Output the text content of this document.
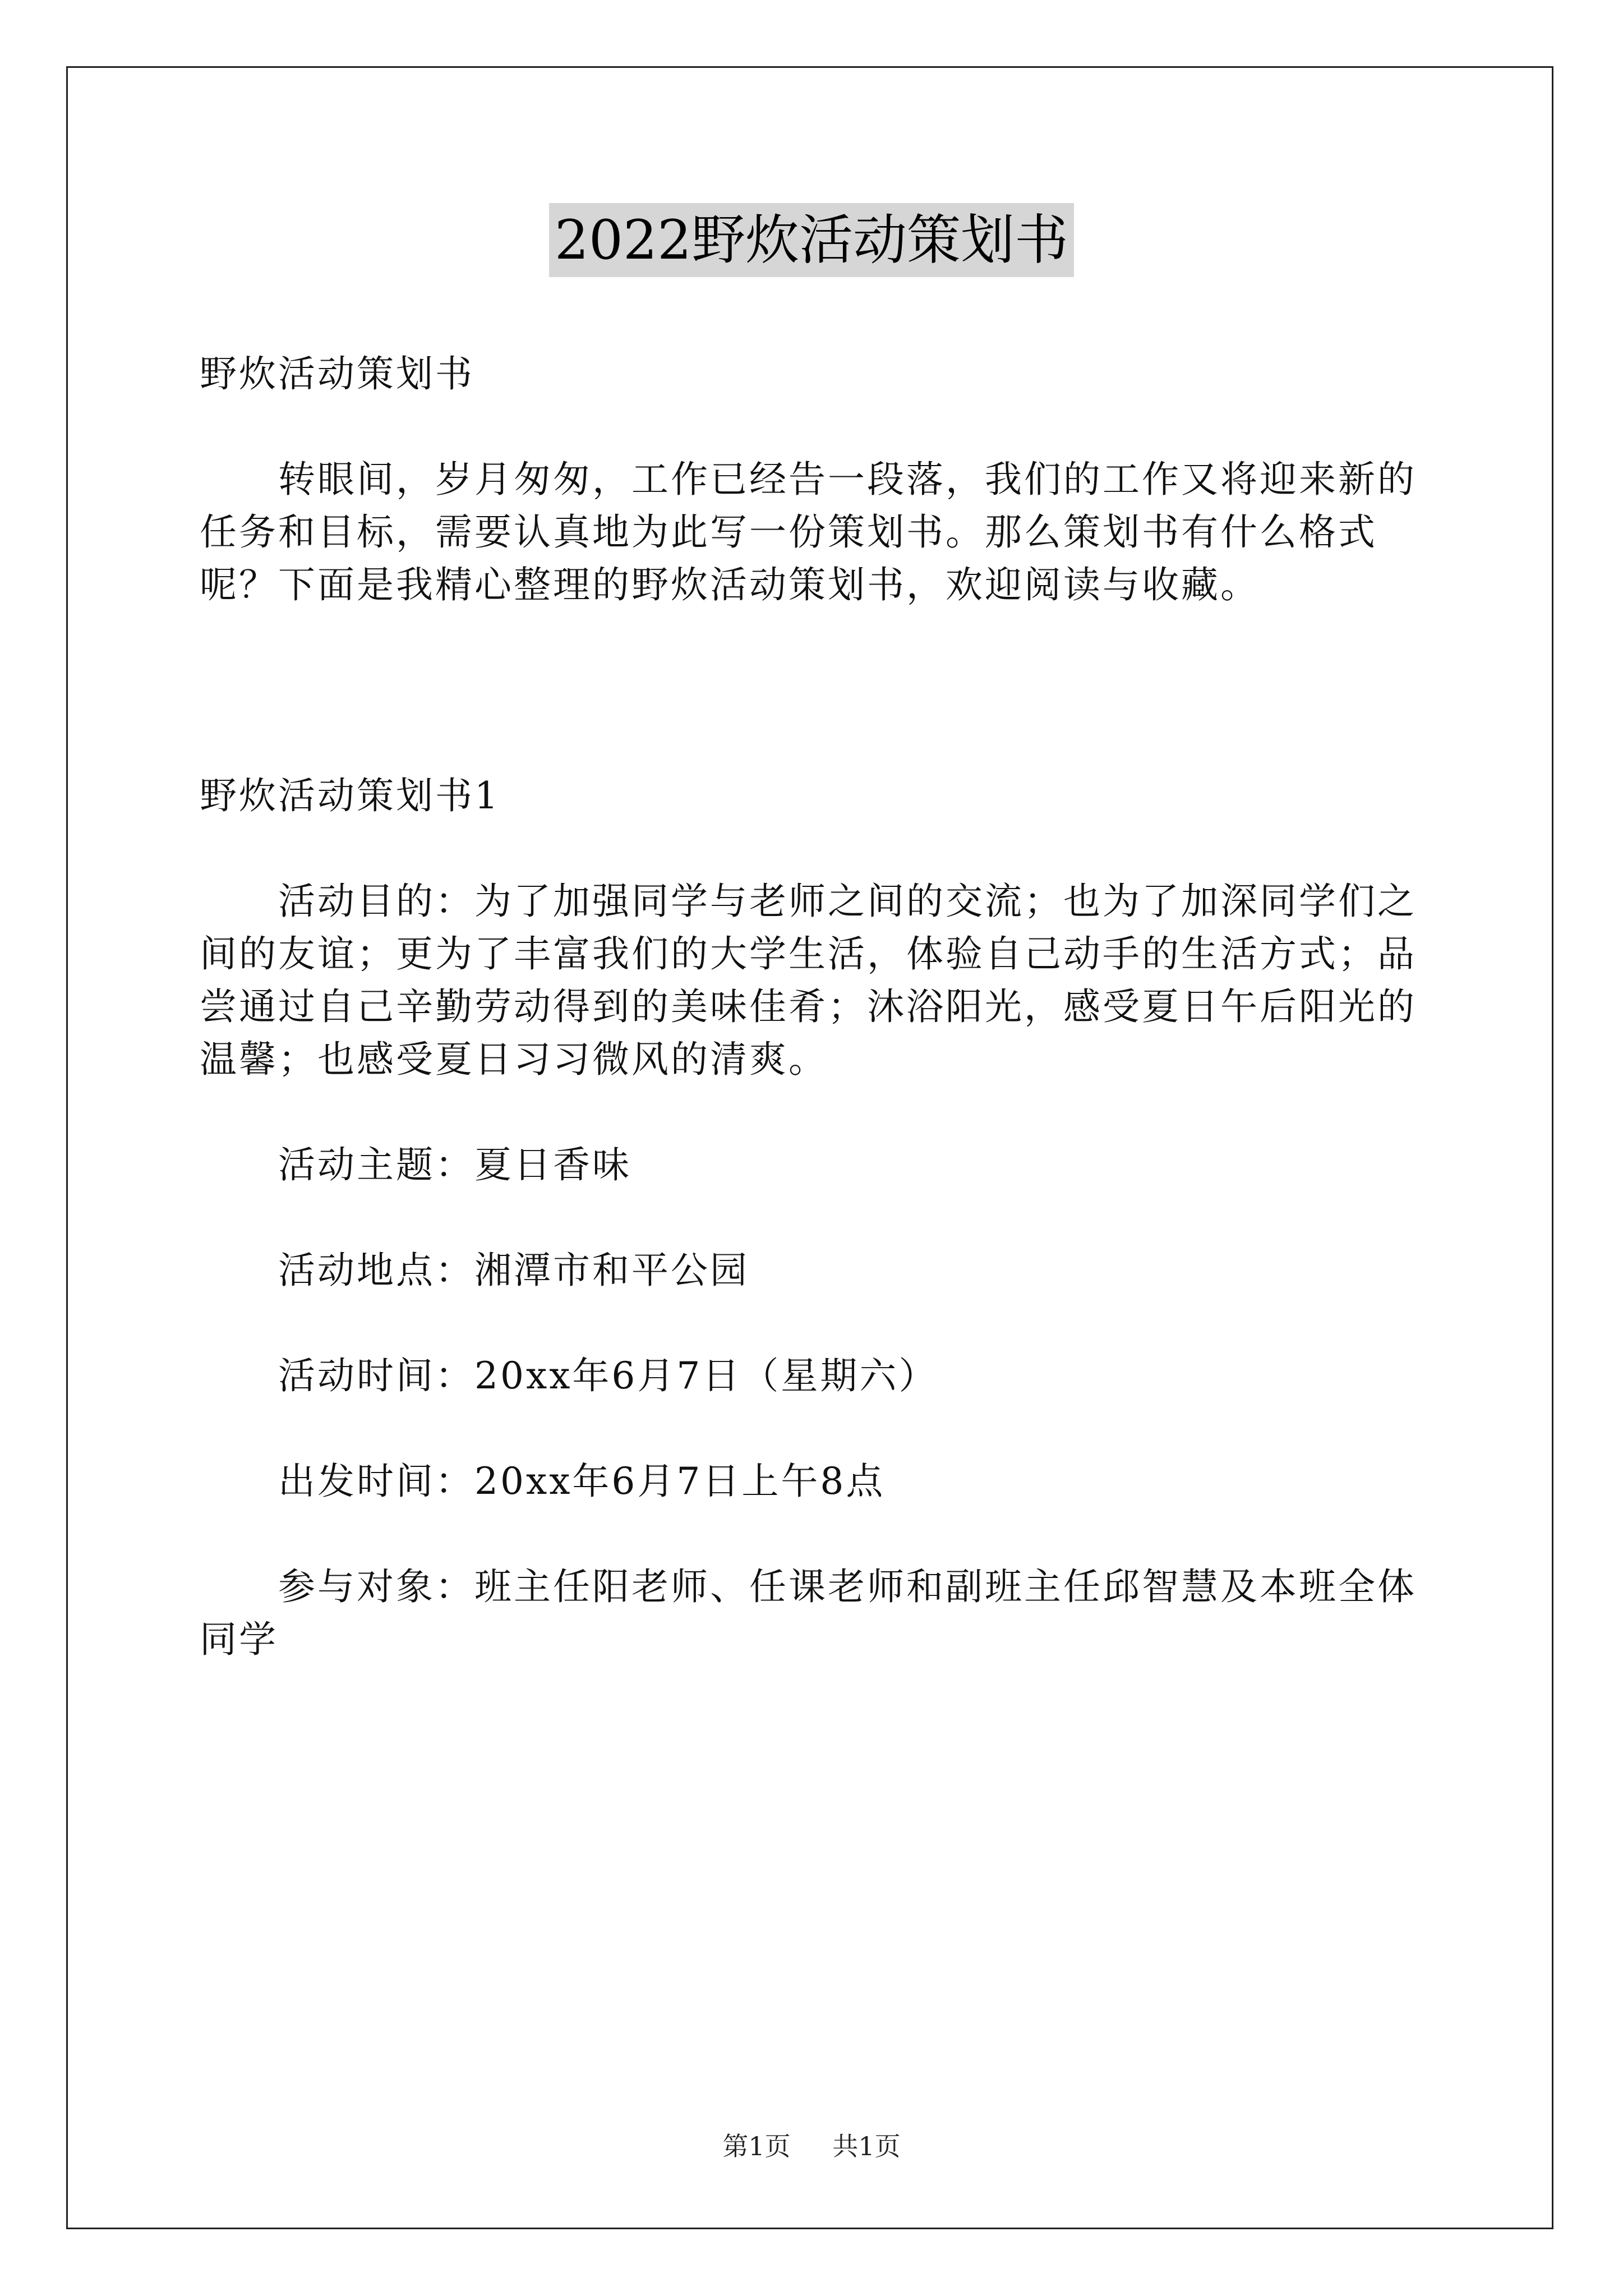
2022野炊活动策划书

野炊活动策划书

转眼间，岁月匆匆，工作已经告一段落，我们的工作又将迎来新的任务和目标，需要认真地为此写一份策划书。那么策划书有什么格式呢？下面是我精心整理的野炊活动策划书，欢迎阅读与收藏。

野炊活动策划书1

活动目的：为了加强同学与老师之间的交流；也为了加深同学们之间的友谊；更为了丰富我们的大学生活，体验自己动手的生活方式；品尝通过自己辛勤劳动得到的美味佳肴；沐浴阳光，感受夏日午后阳光的温馨；也感受夏日习习微风的清爽。

活动主题：夏日香味

活动地点：湘潭市和平公园

活动时间：20xx年6月7日（星期六）

出发时间：20xx年6月7日上午8点

参与对象：班主任阳老师、任课老师和副班主任邱智慧及本班全体同学

第1页 共1页
